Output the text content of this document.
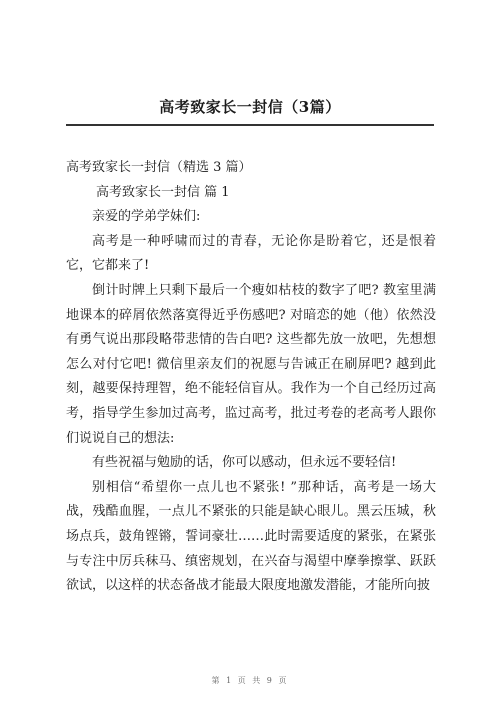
高考致家长一封信（3篇）

高考致家长一封信（精选 3 篇）

高考致家长一封信 篇 1

亲爱的学弟学妹们:

高考是一种呼啸而过的青春，无论你是盼着它，还是恨着它，它都来了!

倒计时牌上只剩下最后一个瘦如枯枝的数字了吧? 教室里满地课本的碎屑依然落寞得近乎伤感吧? 对暗恋的她（他）依然没有勇气说出那段略带悲情的告白吧? 这些都先放一放吧，先想想怎么对付它吧! 微信里亲友们的祝愿与告诫正在刷屏吧? 越到此刻，越要保持理智，绝不能轻信盲从。我作为一个自己经历过高考，指导学生参加过高考，监过高考，批过考卷的老高考人跟你们说说自己的想法:

有些祝福与勉励的话，你可以感动，但永远不要轻信!

别相信“希望你一点儿也不紧张! ”那种话，高考是一场大战，残酷血腥，一点儿不紧张的只能是缺心眼儿。黑云压城，秋场点兵，鼓角铿锵，誓词豪壮……此时需要适度的紧张，在紧张与专注中厉兵秣马、缜密规划，在兴奋与渴望中摩拳擦掌、跃跃欲试，以这样的状态备战才能最大限度地激发潜能，才能所向披

第 1 页 共 9 页
